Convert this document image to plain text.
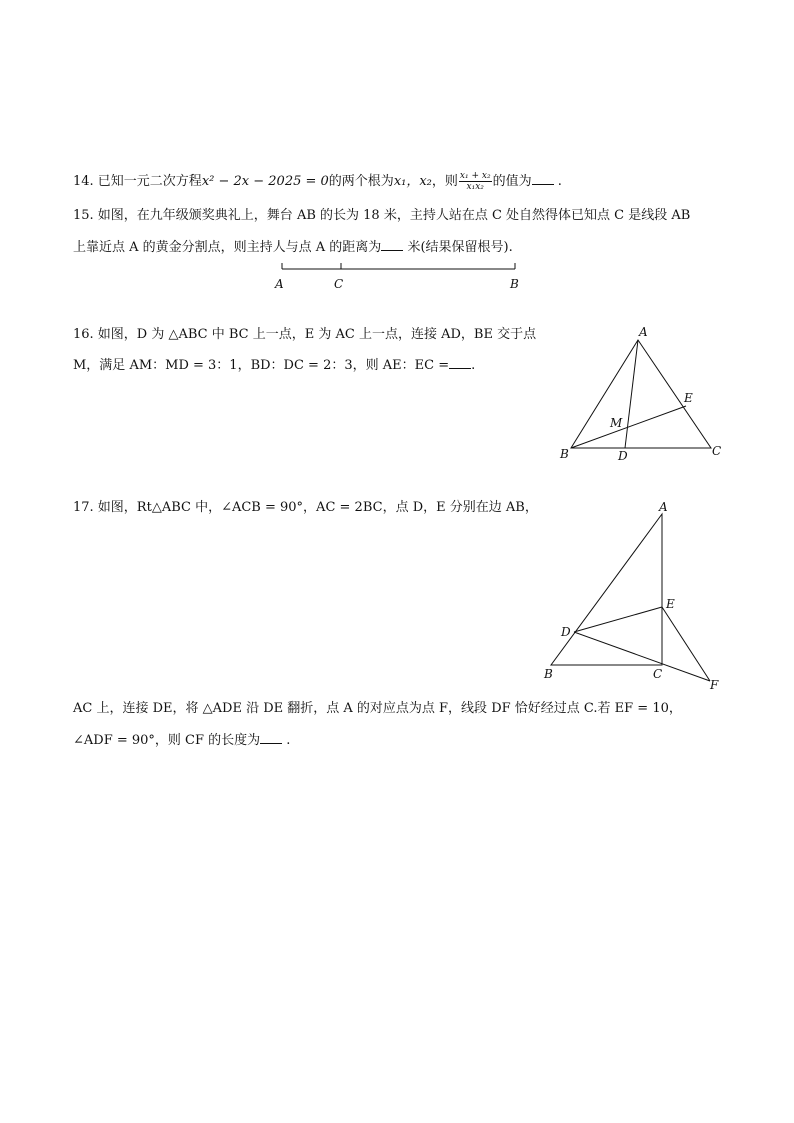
14. 已知一元二次方程x² − 2x − 2025 = 0的两个根为x₁，x₂，则 $\frac{\text{x₁ + x₂}}{\text{x₁x₂}}$ 的值为 .
15. 如图，在九年级颁奖典礼上，舞台 AB 的长为 18 米，主持人站在点 C 处自然得体已知点 C 是线段 AB
上靠近点 A 的黄金分割点，则主持人与点 A 的距离为 米(结果保留根号).
A	C	B
16. 如图，D 为 △ABC 中 BC 上一点，E 为 AC 上一点，连接 AD，BE 交于点
M，满足 AM：MD = 3：1，BD：DC = 2：3，则 AE：EC = .
A
B	C
D
E
M
17. 如图，Rt△ABC 中，∠ACB = 90°，AC = 2BC，点 D，E 分别在边 AB，	A
B	C
D
E
F
AC 上，连接 DE，将 △ADE 沿 DE 翻折，点 A 的对应点为点 F，线段 DF 恰好经过点 C.若 EF = 10，
∠ADF = 90°，则 CF 的长度为 .
